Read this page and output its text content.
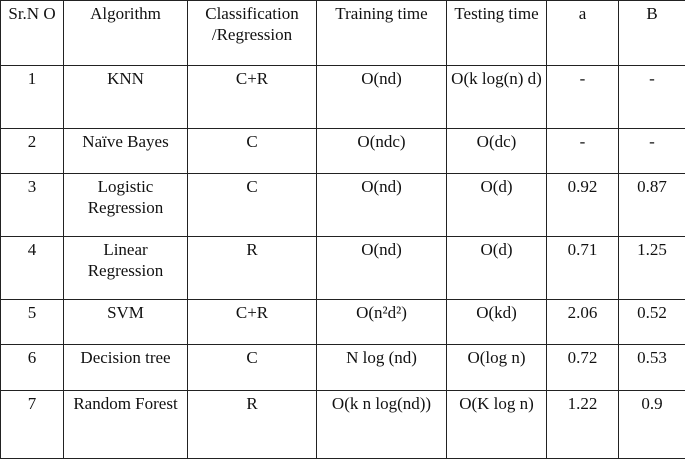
Sr.N O	Algorithm	Classification /Regression	Training time	Testing time	a	B
1	KNN	C+R	O(nd)	O(k log(n) d)	-	-
2	Naïve Bayes	C	O(ndc)	O(dc)	-	-
3	Logistic Regression	C	O(nd)	O(d)	0.92	0.87
4	Linear Regression	R	O(nd)	O(d)	0.71	1.25
5	SVM	C+R	O(n²d²)	O(kd)	2.06	0.52
6	Decision tree	C	N log (nd)	O(log n)	0.72	0.53
7	Random Forest	R	O(k n log(nd))	O(K log n)	1.22	0.9
